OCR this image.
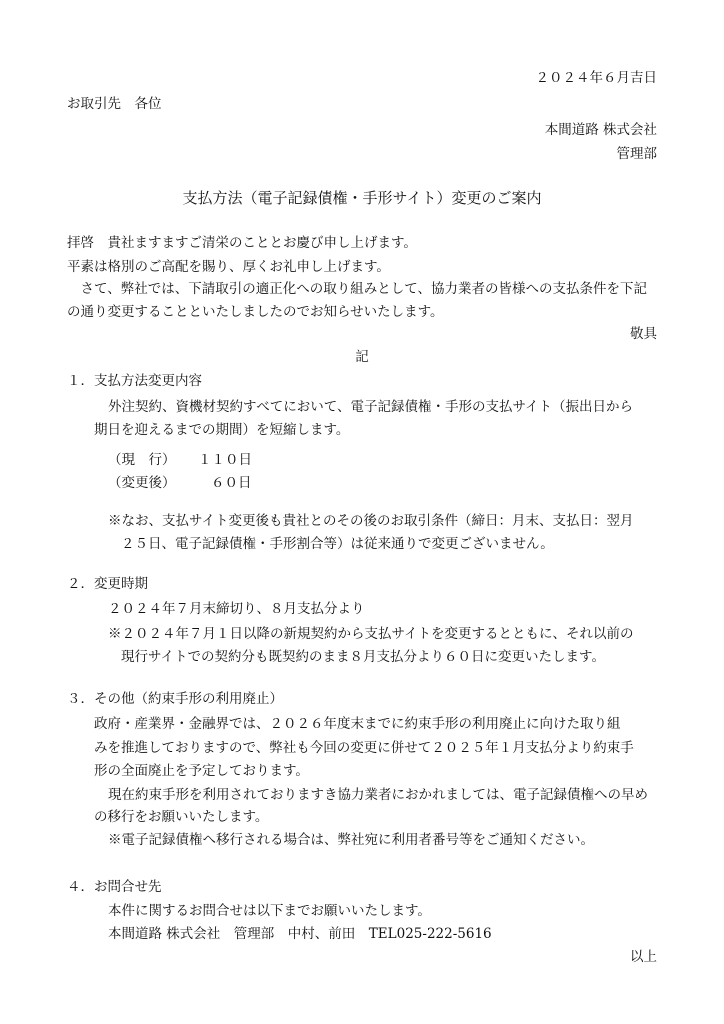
２０２４年６月吉日
お取引先　各位
本間道路 株式会社
管理部
支払方法（電子記録債権・手形サイト）変更のご案内
拝啓　貴社ますますご清栄のこととお慶び申し上げます。
平素は格別のご高配を賜り、厚くお礼申し上げます。
　さて、弊社では、下請取引の適正化への取り組みとして、協力業者の皆様への支払条件を下記
の通り変更することといたしましたのでお知らせいたします。
敬具
記
１．支払方法変更内容
外注契約、資機材契約すべてにおいて、電子記録債権・手形の支払サイト（振出日から
期日を迎えるまでの期間）を短縮します。
（現　行） １１０日
（変更後）	６０日
※なお、支払サイト変更後も貴社とのその後のお取引条件（締日：月末、支払日：翌月
２５日、電子記録債権・手形割合等）は従来通りで変更ございません。
２．変更時期
２０２４年７月末締切り、８月支払分より
※２０２４年７月１日以降の新規契約から支払サイトを変更するとともに、それ以前の
現行サイトでの契約分も既契約のまま８月支払分より６０日に変更いたします。
３．その他（約束手形の利用廃止）
政府・産業界・金融界では、２０２６年度末までに約束手形の利用廃止に向けた取り組
みを推進しておりますので、弊社も今回の変更に併せて２０２５年１月支払分より約束手
形の全面廃止を予定しております。
現在約束手形を利用されておりますき協力業者におかれましては、電子記録債権への早め
の移行をお願いいたします。
※電子記録債権へ移行される場合は、弊社宛に利用者番号等をご通知ください。
４．お問合せ先
本件に関するお問合せは以下までお願いいたします。
本間道路 株式会社　管理部　中村、前田　TEL025-222-5616
以上
